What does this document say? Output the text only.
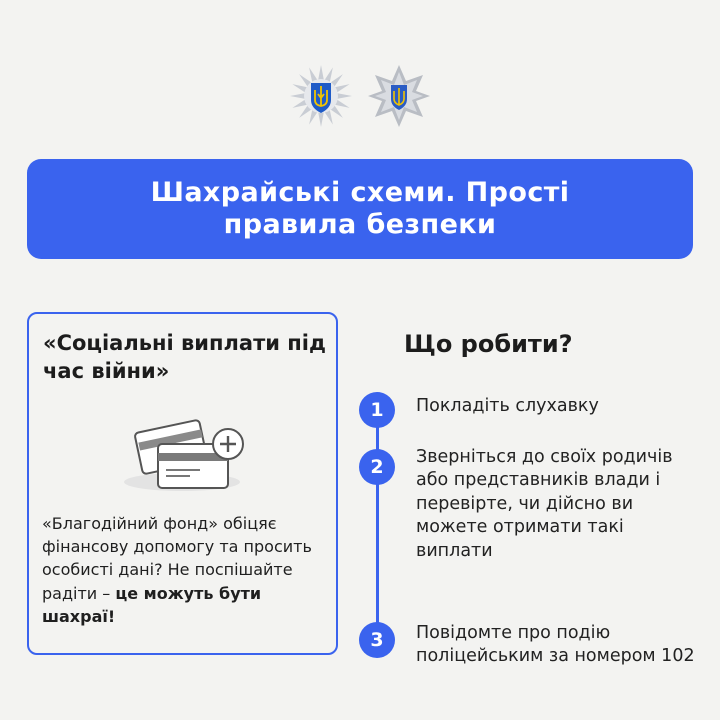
Шахрайські схеми. Прості правила безпеки
«Соціальні виплати під час війни»
«Благодійний фонд» обіцяє фінансову допомогу та просить особисті дані? Не поспішайте радіти – це можуть бути шахраї!
Що робити?
1	Покладіть слухавку
2	Зверніться до своїх родичів або представників влади і перевірте, чи дійсно ви можете отримати такі виплати
3	Повідомте про подію поліцейським за номером 102
